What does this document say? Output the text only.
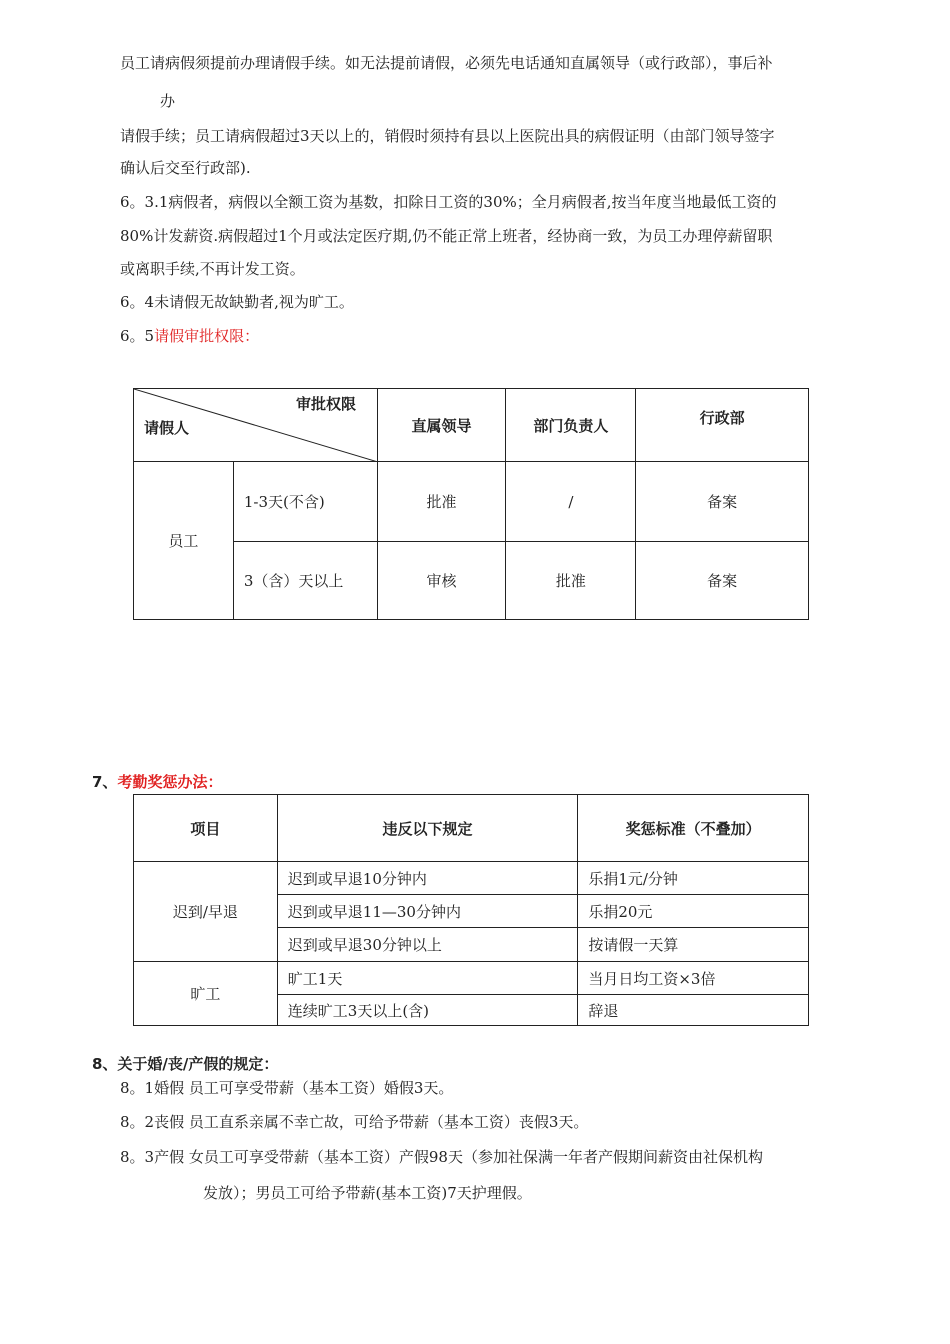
员工请病假须提前办理请假手续。如无法提前请假，必须先电话通知直属领导（或行政部），事后补
办
请假手续；员工请病假超过3天以上的，销假时须持有县以上医院出具的病假证明（由部门领导签字
确认后交至行政部).
6。3.1病假者，病假以全额工资为基数，扣除日工资的30%；全月病假者,按当年度当地最低工资的
80%计发薪资.病假超过1个月或法定医疗期,仍不能正常上班者，经协商一致，为员工办理停薪留职
或离职手续,不再计发工资。
6。4未请假无故缺勤者,视为旷工。
6。5请假审批权限：
审批权限
请假人		直属领导	部门负责人	行政部
员工	1-3天(不含)	批准	/	备案
	3（含）天以上	审核	批准	备案
7、考勤奖惩办法：
项目	违反以下规定	奖惩标准（不叠加）
迟到/早退	迟到或早退10分钟内	乐捐1元/分钟
	迟到或早退11—30分钟内	乐捐20元
	迟到或早退30分钟以上	按请假一天算
旷工	旷工1天	当月日均工资×3倍
	连续旷工3天以上(含)	辞退
8、关于婚/丧/产假的规定：
8。1婚假 员工可享受带薪（基本工资）婚假3天。
8。2丧假 员工直系亲属不幸亡故，可给予带薪（基本工资）丧假3天。
8。3产假 女员工可享受带薪（基本工资）产假98天（参加社保满一年者产假期间薪资由社保机构
发放）；男员工可给予带薪(基本工资)7天护理假。
